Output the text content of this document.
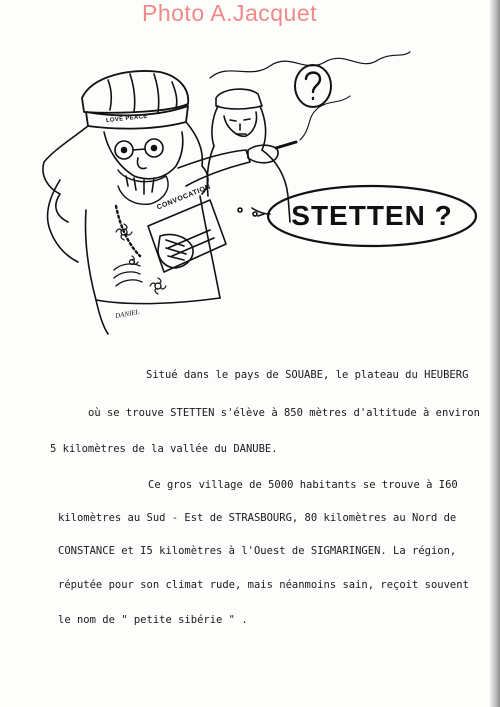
Photo A.Jacquet
STETTEN ?
CONVOCATION
LOVE PEACE
DANIEL
Situé dans le pays de SOUABE, le plateau du HEUBERG
où se trouve STETTEN s'élève à 850 mètres d'altitude à environ
5 kilomètres de la vallée du DANUBE.
Ce gros village de 5000 habitants se trouve à I60
kilomètres au Sud - Est de STRASBOURG, 80 kilomètres au Nord de
CONSTANCE et I5 kilomètres à l'Ouest de SIGMARINGEN. La région,
réputée pour son climat rude, mais néanmoins sain, reçoit souvent
le nom de " petite sibérie " .
